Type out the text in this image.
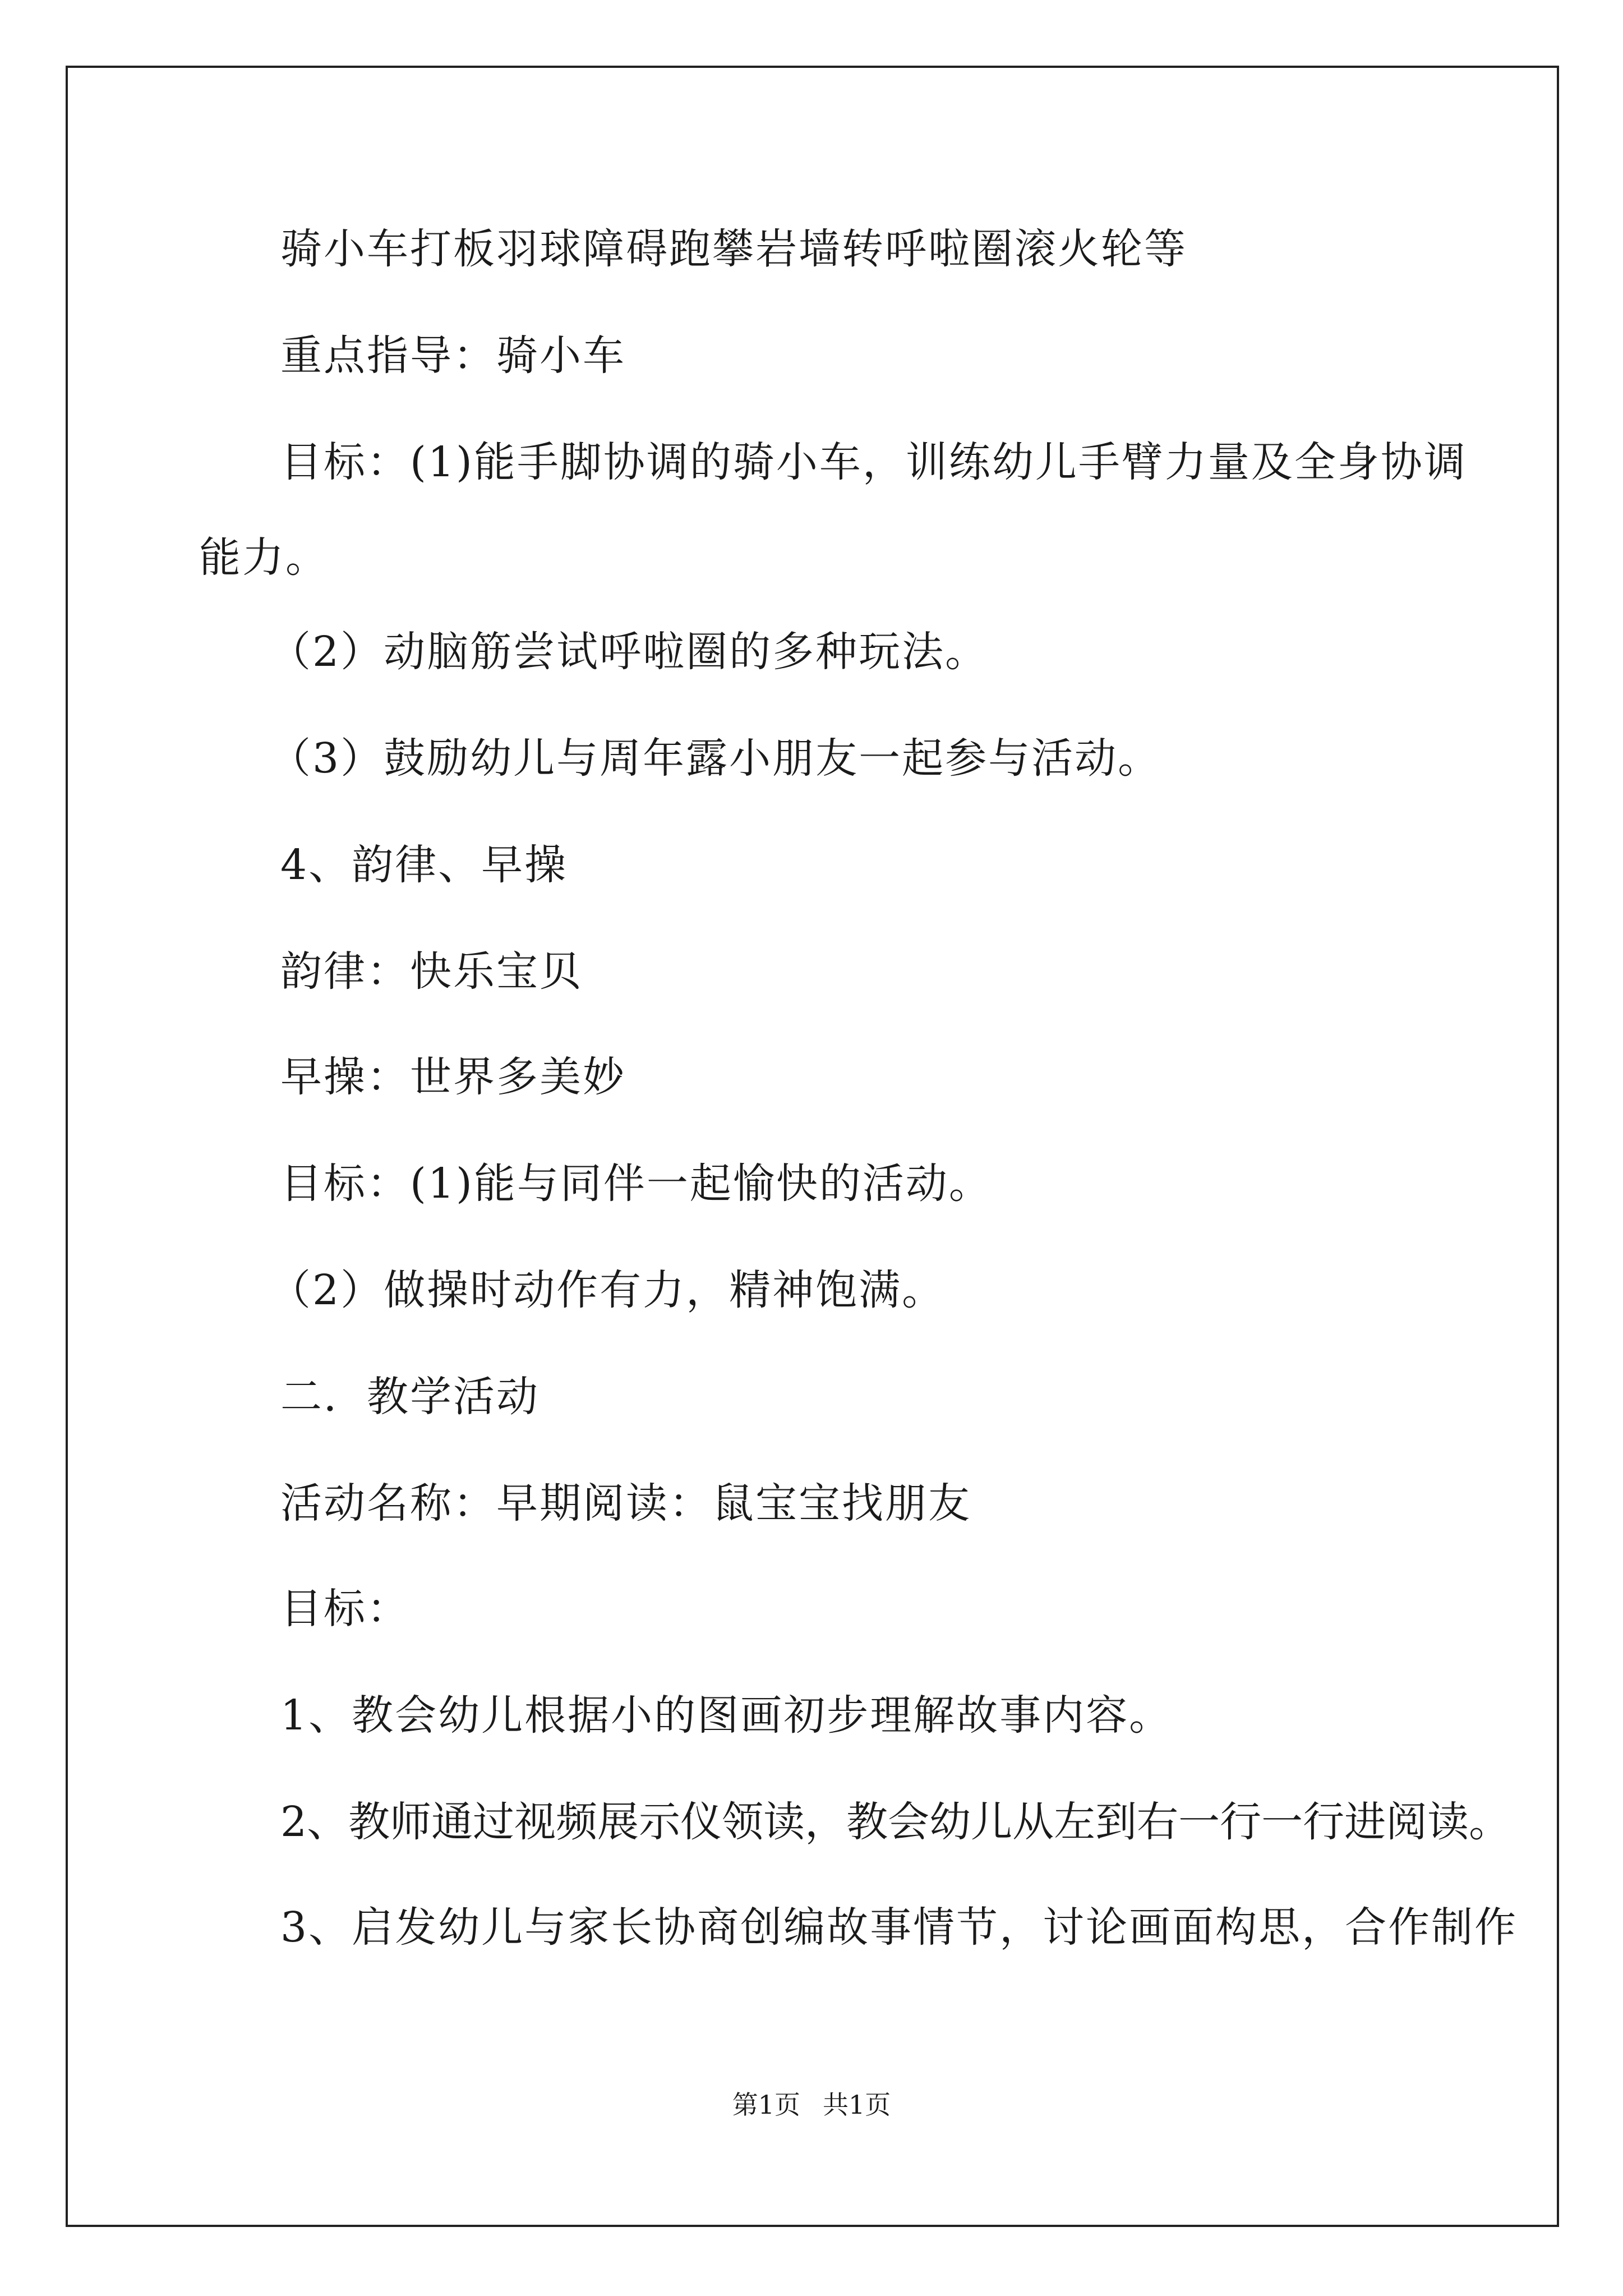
骑小车打板羽球障碍跑攀岩墙转呼啦圈滚火轮等
重点指导：骑小车
目标：(1)能手脚协调的骑小车，训练幼儿手臂力量及全身协调
能力。
（2）动脑筋尝试呼啦圈的多种玩法。
（3）鼓励幼儿与周年露小朋友一起参与活动。
4、韵律、早操
韵律：快乐宝贝
早操：世界多美妙
目标：(1)能与同伴一起愉快的活动。
（2）做操时动作有力，精神饱满。
二．教学活动
活动名称：早期阅读：鼠宝宝找朋友
目标：
1、教会幼儿根据小的图画初步理解故事内容。
2、教师通过视频展示仪领读，教会幼儿从左到右一行一行进阅读。
3、启发幼儿与家长协商创编故事情节，讨论画面构思，合作制作
第1页 共1页
